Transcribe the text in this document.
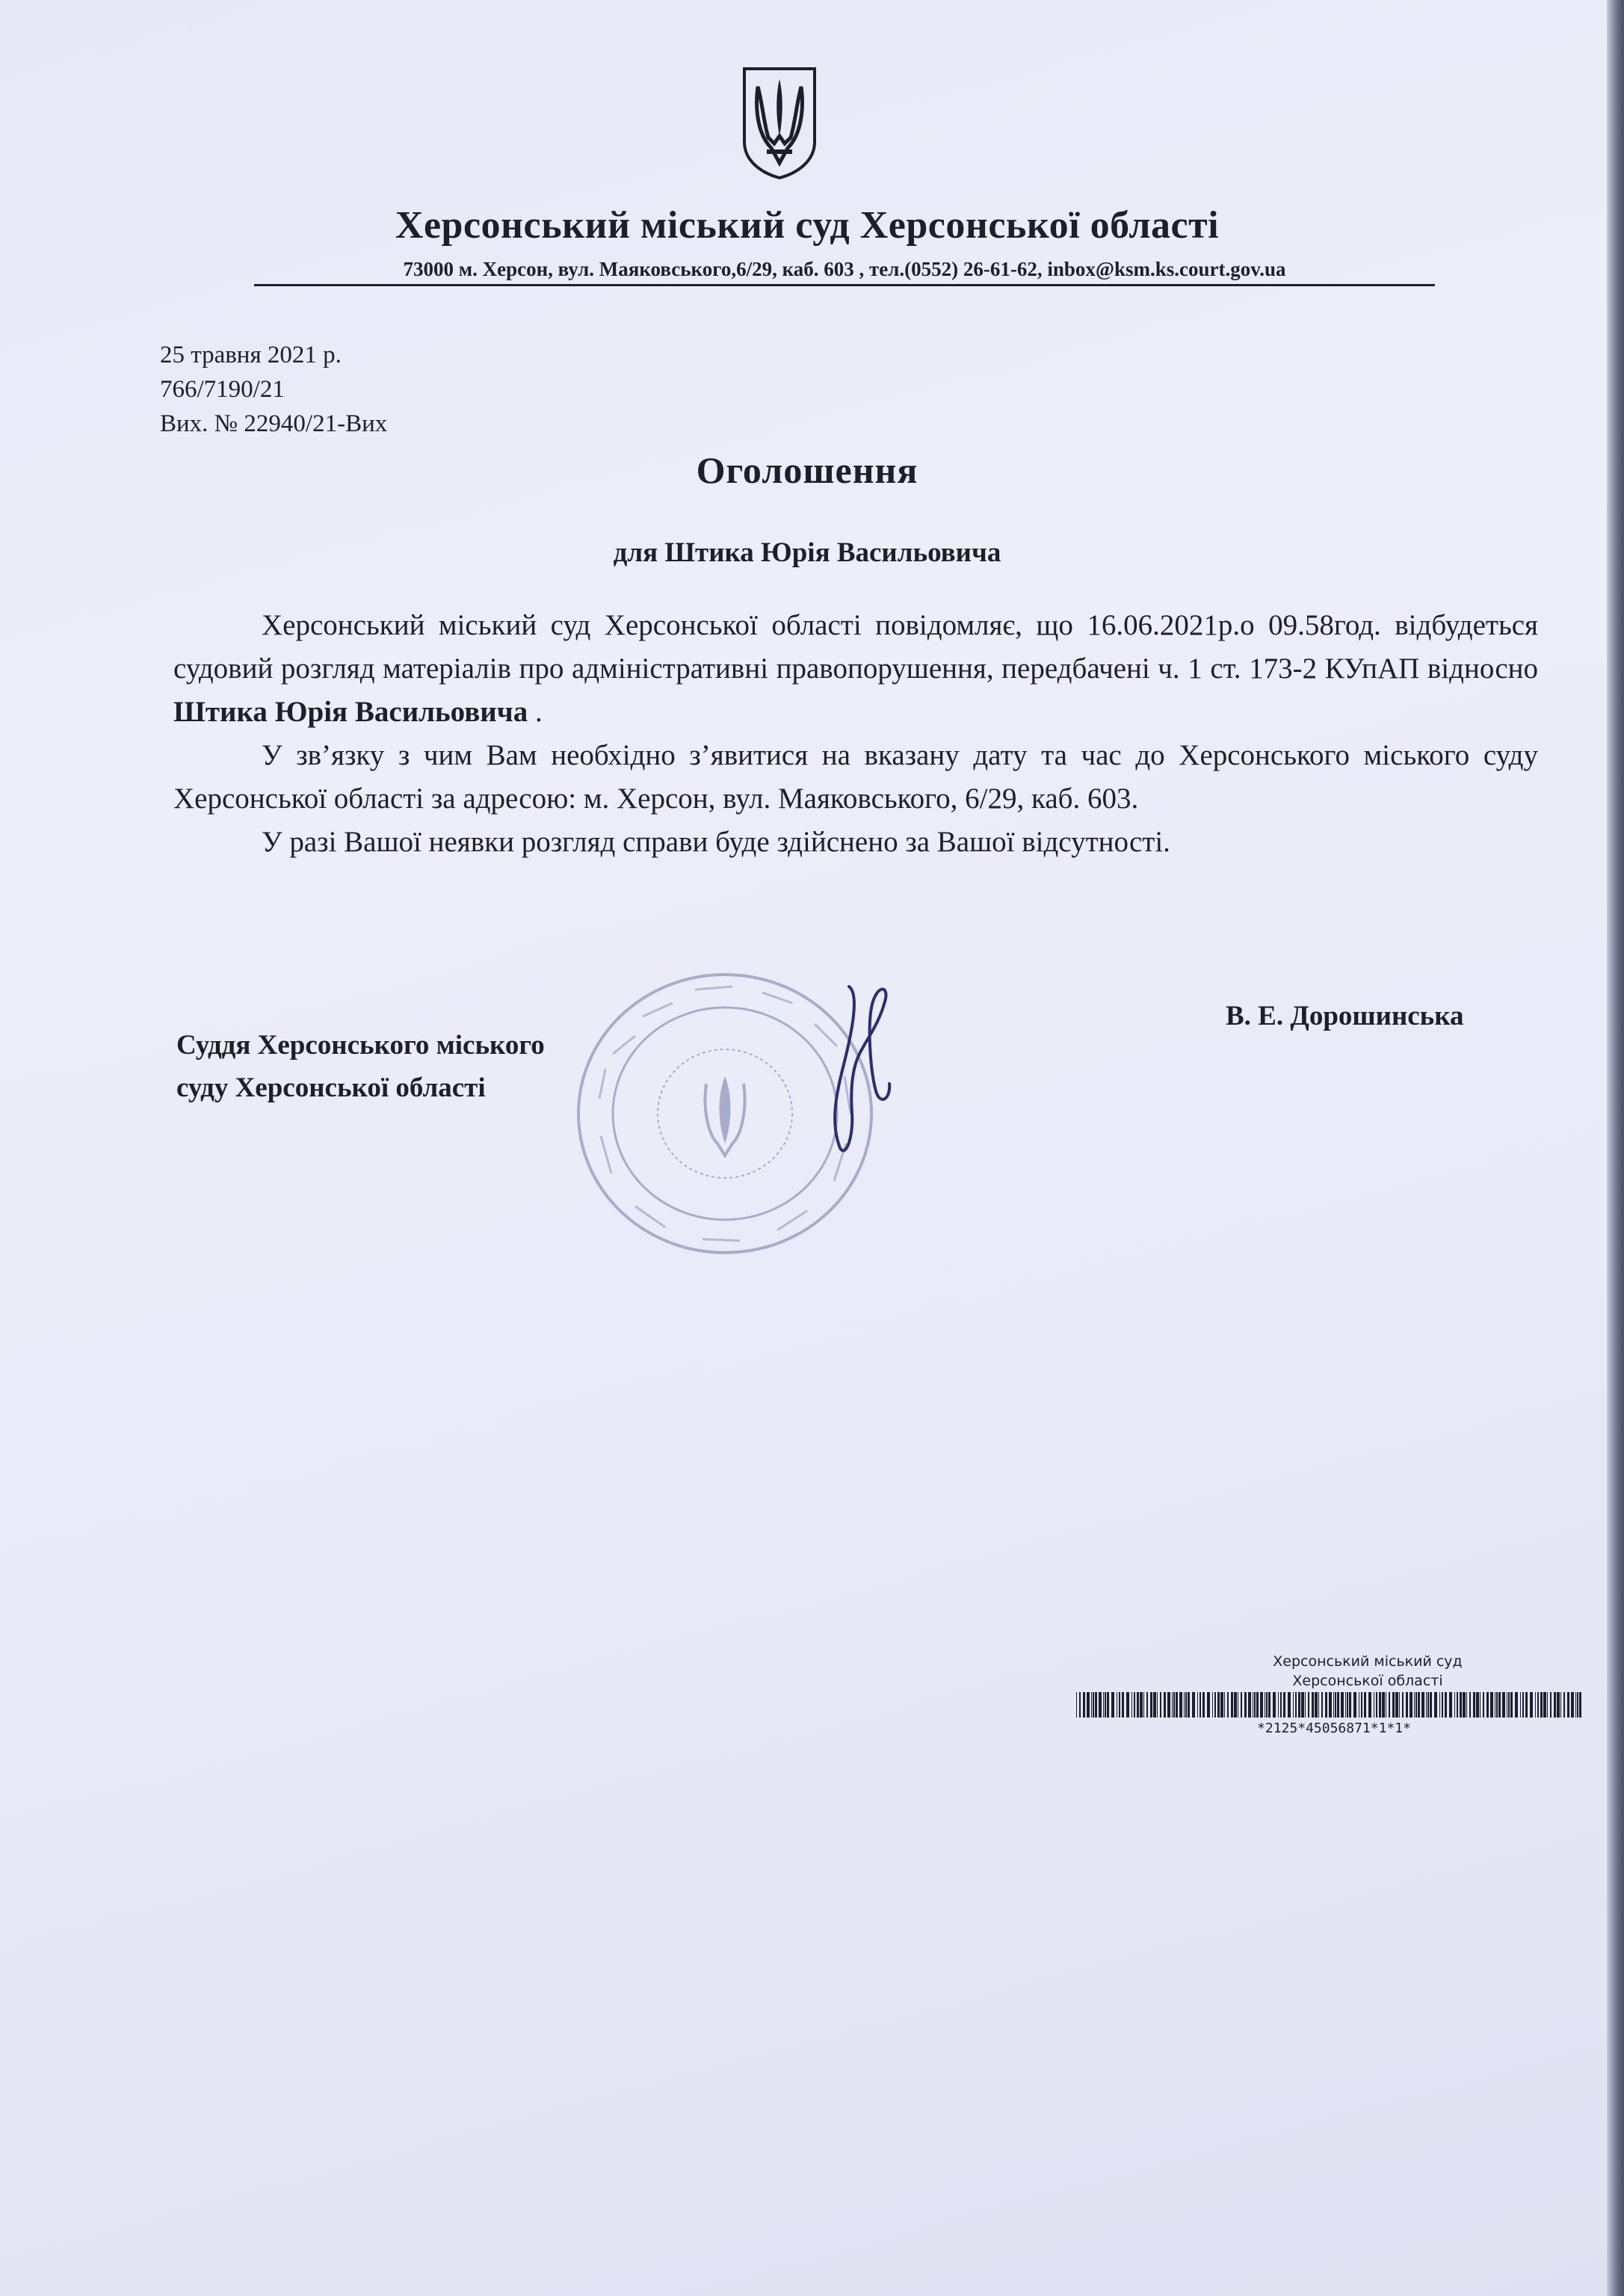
Херсонський міський суд Херсонської області
73000 м. Херсон, вул. Маяковського,6/29, каб. 603 , тел.(0552) 26-61-62, inbox@ksm.ks.court.gov.ua
25 травня 2021 р.
766/7190/21
Вих. № 22940/21-Вих
Оголошення
для Штика Юрія Васильовича

Херсонський міський суд Херсонської області повідомляє, що 16.06.2021р.о 09.58год. відбудеться судовий розгляд матеріалів про адміністративні правопорушення, передбачені ч. 1 ст. 173-2 КУпАП відносно Штика Юрія Васильовича .

У зв’язку з чим Вам необхідно з’явитися на вказану дату та час до Херсонського міського суду Херсонської області за адресою: м. Херсон, вул. Маяковського, 6/29, каб. 603.

У разі Вашої неявки розгляд справи буде здійснено за Вашої відсутності.

Суддя Херсонського міського
суду Херсонської області
В. Е. Дорошинська
Херсонський міський суд
Херсонської області
*2125*45056871*1*1*
